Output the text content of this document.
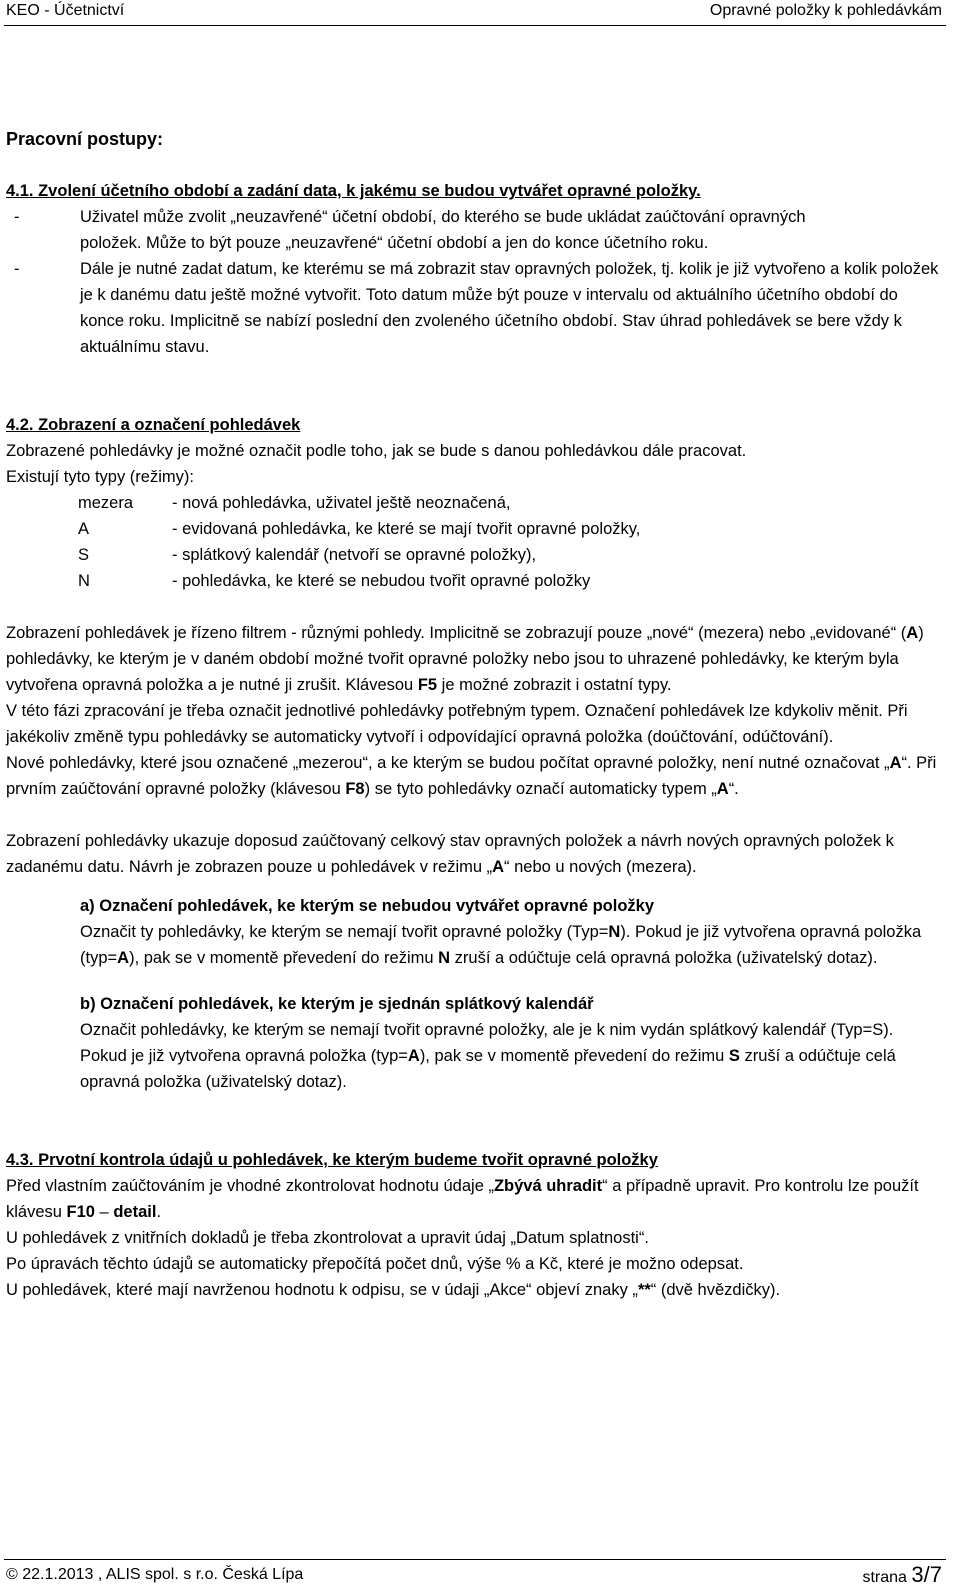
KEO - Účetnictví	Opravné položky k pohledávkám
Pracovní postupy:
4.1. Zvolení účetního období a zadání data, k jakému se budou vytvářet opravné položky.
-	Uživatel může zvolit „neuzavřené“ účetní období, do kterého se bude ukládat zaúčtování opravných
položek. Může to být pouze „neuzavřené“ účetní období a jen do konce účetního roku.
-	Dále je nutné zadat datum, ke kterému se má zobrazit stav opravných položek, tj. kolik je již vytvořeno a kolik položek je k danému datu ještě možné vytvořit. Toto datum může být pouze v intervalu od aktuálního účetního období do konce roku. Implicitně se nabízí poslední den zvoleného účetního období. Stav úhrad pohledávek se bere vždy k aktuálnímu stavu.
4.2. Zobrazení a označení pohledávek
Zobrazené pohledávky je možné označit podle toho, jak se bude s danou pohledávkou dále pracovat.
Existují tyto typy (režimy):
mezera	- nová pohledávka, uživatel ještě neoznačená,
A	- evidovaná pohledávka, ke které se mají tvořit opravné položky,
S	- splátkový kalendář (netvoří se opravné položky),
N	- pohledávka, ke které se nebudou tvořit opravné položky
Zobrazení pohledávek je řízeno filtrem - různými pohledy. Implicitně se zobrazují pouze „nové“ (mezera) nebo „evidované“ (A) pohledávky, ke kterým je v daném období možné tvořit opravné položky nebo jsou to uhrazené pohledávky, ke kterým byla vytvořena opravná položka a je nutné ji zrušit. Klávesou F5 je možné zobrazit i ostatní typy.
V této fázi zpracování je třeba označit jednotlivé pohledávky potřebným typem. Označení pohledávek lze kdykoliv měnit. Při jakékoliv změně typu pohledávky se automaticky vytvoří i odpovídající opravná položka (doúčtování, odúčtování).
Nové pohledávky, které jsou označené „mezerou“, a ke kterým se budou počítat opravné položky, není nutné označovat „A“. Při prvním zaúčtování opravné položky (klávesou F8) se tyto pohledávky označí automaticky typem „A“.
Zobrazení pohledávky ukazuje doposud zaúčtovaný celkový stav opravných položek a návrh nových opravných položek k zadanému datu. Návrh je zobrazen pouze u pohledávek v režimu „A“ nebo u nových (mezera).
a) Označení pohledávek, ke kterým se nebudou vytvářet opravné položky
Označit ty pohledávky, ke kterým se nemají tvořit opravné položky (Typ=N). Pokud je již vytvořena opravná položka (typ=A), pak se v momentě převedení do režimu N zruší a odúčtuje celá opravná položka (uživatelský dotaz).
b) Označení pohledávek, ke kterým je sjednán splátkový kalendář
Označit pohledávky, ke kterým se nemají tvořit opravné položky, ale je k nim vydán splátkový kalendář (Typ=S). Pokud je již vytvořena opravná položka (typ=A), pak se v momentě převedení do režimu S zruší a odúčtuje celá opravná položka (uživatelský dotaz).
4.3. Prvotní kontrola údajů u pohledávek, ke kterým budeme tvořit opravné položky
Před vlastním zaúčtováním je vhodné zkontrolovat hodnotu údaje „Zbývá uhradit“ a případně upravit. Pro kontrolu lze použít klávesu F10 – detail.
U pohledávek z vnitřních dokladů je třeba zkontrolovat a upravit údaj „Datum splatnosti“.
Po úpravách těchto údajů se automaticky přepočítá počet dnů, výše % a Kč, které je možno odepsat.
U pohledávek, které mají navrženou hodnotu k odpisu, se v údaji „Akce“ objeví znaky „**“ (dvě hvězdičky).
© 22.1.2013 , ALIS spol. s r.o. Česká Lípa	strana 3/7
